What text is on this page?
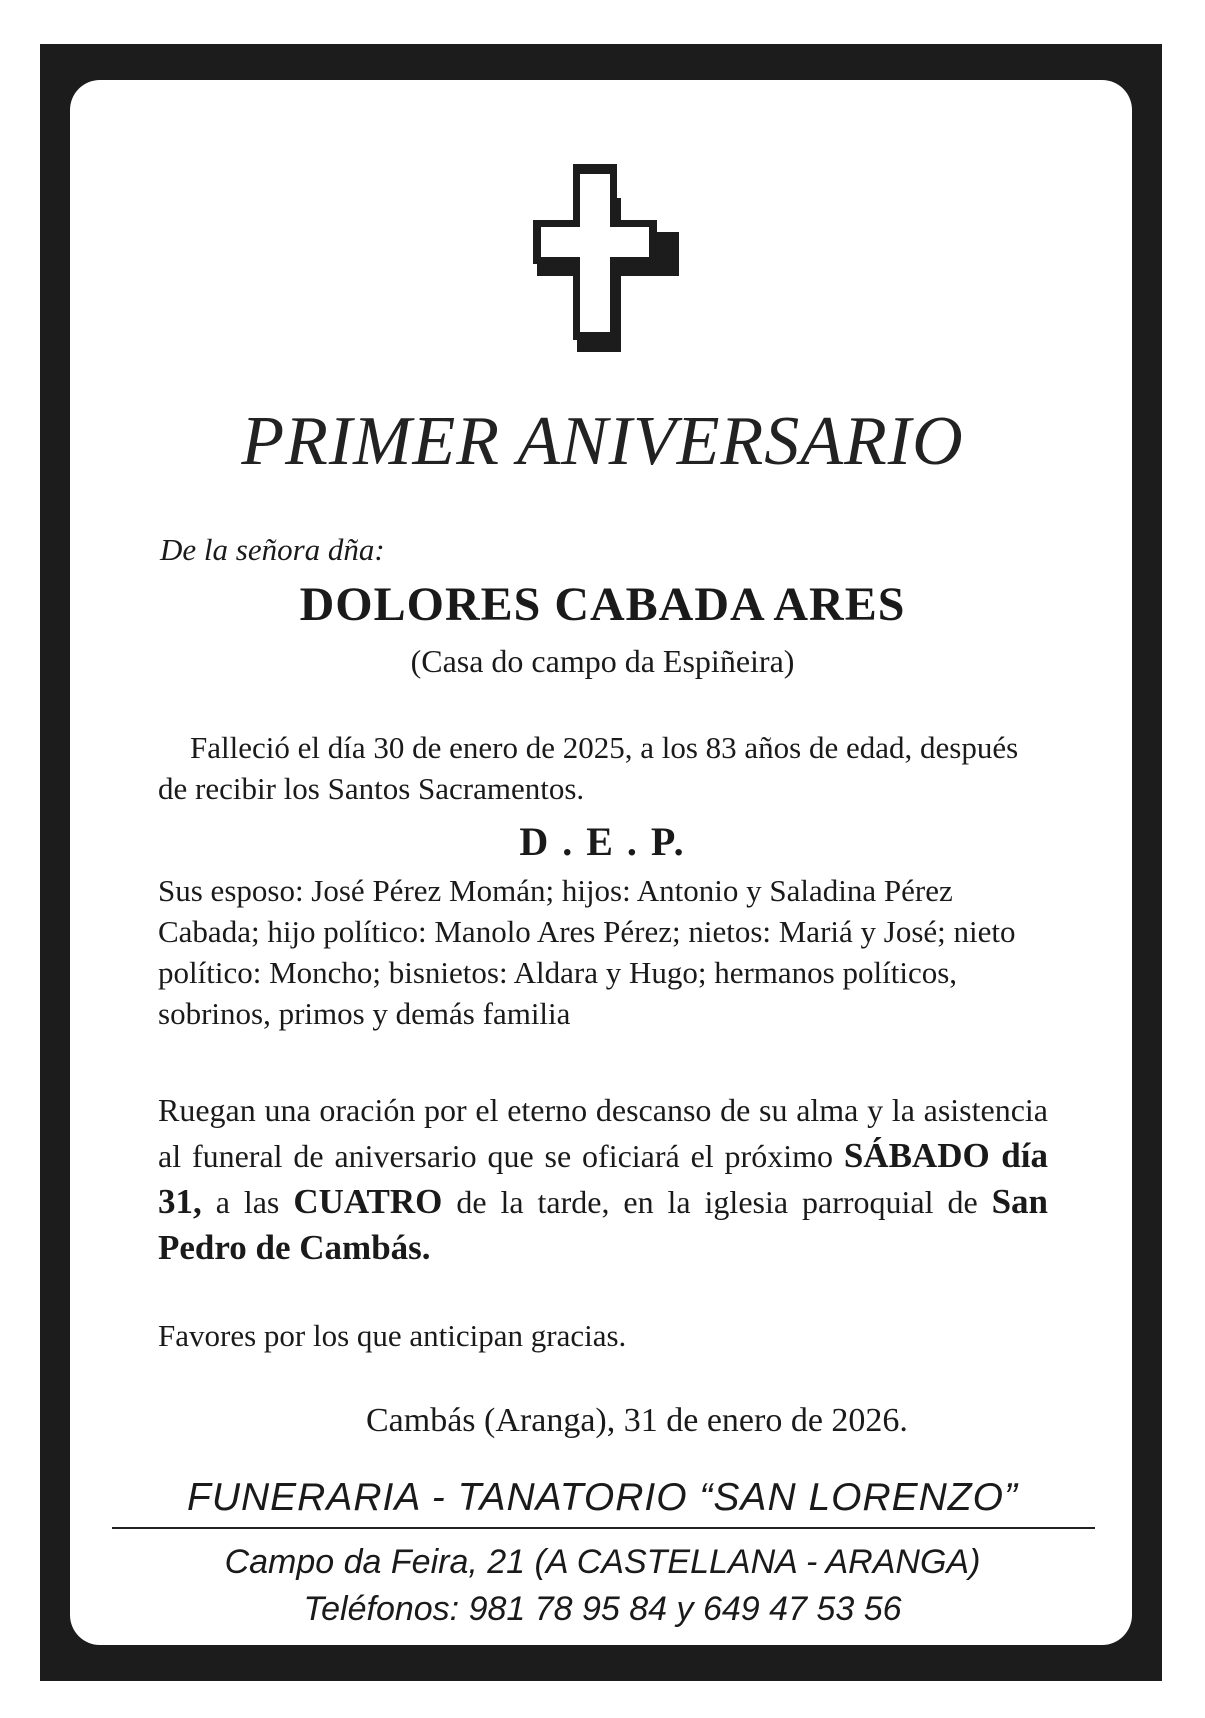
PRIMER ANIVERSARIO
De la señora dña:
DOLORES CABADA ARES
(Casa do campo da Espiñeira)
Falleció el día 30 de enero de 2025, a los 83 años de edad, después de recibir los Santos Sacramentos.
D . E . P.
Sus esposo: José Pérez Momán; hijos: Antonio y Saladina Pérez Cabada; hijo político: Manolo Ares Pérez; nietos: Mariá y José; nieto político: Moncho; bisnietos: Aldara y Hugo; hermanos políticos, sobrinos, primos y demás familia
Ruegan una oración por el eterno descanso de su alma y la asistencia al funeral de aniversario que se oficiará el próximo SÁBADO día 31, a las CUATRO de la tarde, en la iglesia parroquial de San Pedro de Cambás.
Favores por los que anticipan gracias.
Cambás (Aranga), 31 de enero de 2026.
FUNERARIA - TANATORIO “SAN LORENZO”
Campo da Feira, 21 (A CASTELLANA - ARANGA)
Teléfonos: 981 78 95 84 y 649 47 53 56
